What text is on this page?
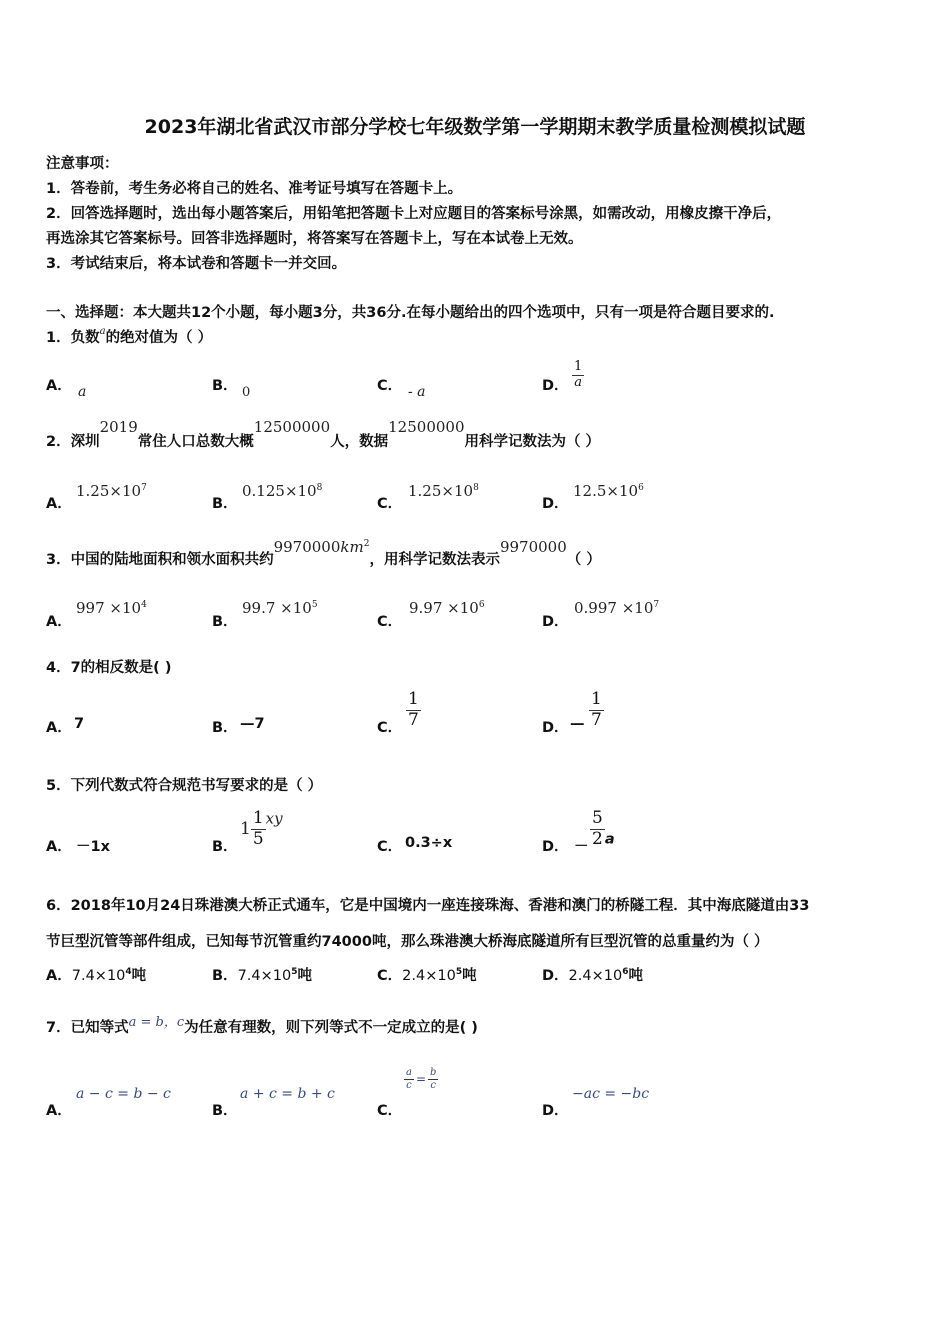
2023年湖北省武汉市部分学校七年级数学第一学期期末教学质量检测模拟试题
注意事项：
1．答卷前，考生务必将自己的姓名、准考证号填写在答题卡上。
2．回答选择题时，选出每小题答案后，用铅笔把答题卡上对应题目的答案标号涂黑，如需改动，用橡皮擦干净后，
再选涂其它答案标号。回答非选择题时，将答案写在答题卡上，写在本试卷上无效。
3．考试结束后，将本试卷和答题卡一并交回。
一、选择题：本大题共12个小题，每小题3分，共36分.在每小题给出的四个选项中，只有一项是符合题目要求的.
1．负数$^a$的绝对值为（ ）
A． a	B． 0	C． - a	D． $\frac{1}{a}$
2．深圳2019常住人口总数大概12500000人，数据12500000用科学记数法为（ ）
A．
$1.25\times 10^7$
B．
$0.125\times 10^8$
C．
$1.25\times 10^8$
D．
$12.5\times 10^6$
3．中国的陆地面积和领水面积共约$9970000km^2$，用科学记数法表示9970000（ ）
A．
$997 \times 10^4$
B．
$99.7 \times 10^5$
C．
$9.97 \times 10^6$
D．
$0.997 \times 10^7$
4．7的相反数是( )
A． 7	B． —7	C． $\frac{1}{7}$	D． — $\frac{1}{7}$
5．下列代数式符合规范书写要求的是（ ）
A． －1x	B．
$1 \frac{1}{5}$ xy
C． 0.3÷x	D． － $\frac{5}{2}$ a
6．2018年10月24日珠港澳大桥正式通车，它是中国境内一座连接珠海、香港和澳门的桥隧工程．其中海底隧道由33
节巨型沉管等部件组成，已知每节沉管重约74000吨，那么珠港澳大桥海底隧道所有巨型沉管的总重量约为（ ）
A．$7.4\times 10^4$吨	B．$7.4\times 10^5$吨	C．$2.4\times 10^5$吨	D．$2.4\times 10^6$吨
7．已知等式a = b，c为任意有理数，则下列等式不一定成立的是( )
A．
a − c = b − c
B．
a + c = b + c
C．
$\frac{a}{c} = \frac{b}{c}$
D．
−ac = −bc
